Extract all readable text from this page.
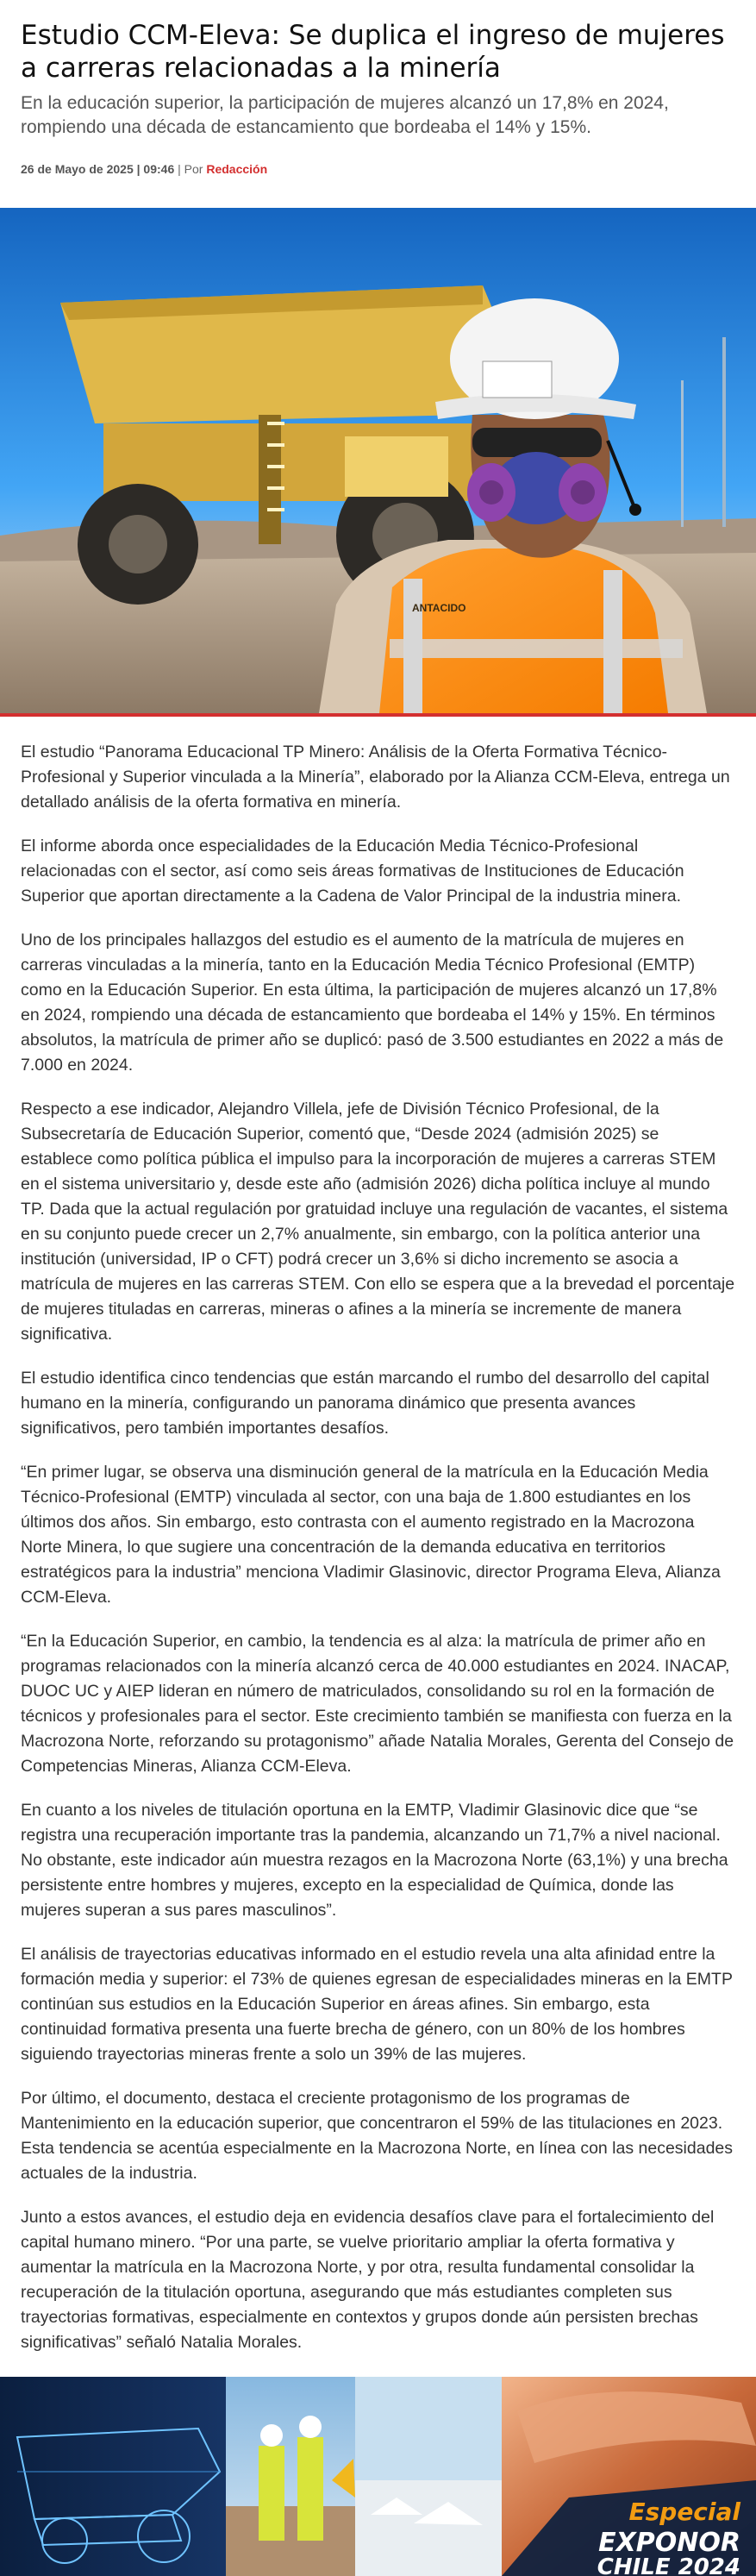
Estudio CCM-Eleva: Se duplica el ingreso de mujeres a carreras relacionadas a la minería

En la educación superior, la participación de mujeres alcanzó un 17,8% en 2024, rompiendo una década de estancamiento que bordeaba el 14% y 15%.

26 de Mayo de 2025 | 09:46 | Por Redacción
ANTACIDO

El estudio “Panorama Educacional TP Minero: Análisis de la Oferta Formativa Técnico-Profesional y Superior vinculada a la Minería”, elaborado por la Alianza CCM-Eleva, entrega un detallado análisis de la oferta formativa en minería.

El informe aborda once especialidades de la Educación Media Técnico-Profesional relacionadas con el sector, así como seis áreas formativas de Instituciones de Educación Superior que aportan directamente a la Cadena de Valor Principal de la industria minera.

Uno de los principales hallazgos del estudio es el aumento de la matrícula de mujeres en carreras vinculadas a la minería, tanto en la Educación Media Técnico Profesional (EMTP) como en la Educación Superior. En esta última, la participación de mujeres alcanzó un 17,8% en 2024, rompiendo una década de estancamiento que bordeaba el 14% y 15%. En términos absolutos, la matrícula de primer año se duplicó: pasó de 3.500 estudiantes en 2022 a más de 7.000 en 2024.

Respecto a ese indicador, Alejandro Villela, jefe de División Técnico Profesional, de la Subsecretaría de Educación Superior, comentó que, “Desde 2024 (admisión 2025) se establece como política pública el impulso para la incorporación de mujeres a carreras STEM en el sistema universitario y, desde este año (admisión 2026) dicha política incluye al mundo TP. Dada que la actual regulación por gratuidad incluye una regulación de vacantes, el sistema en su conjunto puede crecer un 2,7% anualmente, sin embargo, con la política anterior una institución (universidad, IP o CFT) podrá crecer un 3,6% si dicho incremento se asocia a matrícula de mujeres en las carreras STEM. Con ello se espera que a la brevedad el porcentaje de mujeres tituladas en carreras, mineras o afines a la minería se incremente de manera significativa.

El estudio identifica cinco tendencias que están marcando el rumbo del desarrollo del capital humano en la minería, configurando un panorama dinámico que presenta avances significativos, pero también importantes desafíos.

“En primer lugar, se observa una disminución general de la matrícula en la Educación Media Técnico-Profesional (EMTP) vinculada al sector, con una baja de 1.800 estudiantes en los últimos dos años. Sin embargo, esto contrasta con el aumento registrado en la Macrozona Norte Minera, lo que sugiere una concentración de la demanda educativa en territorios estratégicos para la industria” menciona Vladimir Glasinovic, director Programa Eleva, Alianza CCM-Eleva.

“En la Educación Superior, en cambio, la tendencia es al alza: la matrícula de primer año en programas relacionados con la minería alcanzó cerca de 40.000 estudiantes en 2024. INACAP, DUOC UC y AIEP lideran en número de matriculados, consolidando su rol en la formación de técnicos y profesionales para el sector. Este crecimiento también se manifiesta con fuerza en la Macrozona Norte, reforzando su protagonismo” añade Natalia Morales, Gerenta del Consejo de Competencias Mineras, Alianza CCM-Eleva.

En cuanto a los niveles de titulación oportuna en la EMTP, Vladimir Glasinovic dice que “se registra una recuperación importante tras la pandemia, alcanzando un 71,7% a nivel nacional. No obstante, este indicador aún muestra rezagos en la Macrozona Norte (63,1%) y una brecha persistente entre hombres y mujeres, excepto en la especialidad de Química, donde las mujeres superan a sus pares masculinos”.

El análisis de trayectorias educativas informado en el estudio revela una alta afinidad entre la formación media y superior: el 73% de quienes egresan de especialidades mineras en la EMTP continúan sus estudios en la Educación Superior en áreas afines. Sin embargo, esta continuidad formativa presenta una fuerte brecha de género, con un 80% de los hombres siguiendo trayectorias mineras frente a solo un 39% de las mujeres.

Por último, el documento, destaca el creciente protagonismo de los programas de Mantenimiento en la educación superior, que concentraron el 59% de las titulaciones en 2023. Esta tendencia se acentúa especialmente en la Macrozona Norte, en línea con las necesidades actuales de la industria.

Junto a estos avances, el estudio deja en evidencia desafíos clave para el fortalecimiento del capital humano minero. “Por una parte, se vuelve prioritario ampliar la oferta formativa y aumentar la matrícula en la Macrozona Norte, y por otra, resulta fundamental consolidar la recuperación de la titulación oportuna, asegurando que más estudiantes completen sus trayectorias formativas, especialmente en contextos y grupos donde aún persisten brechas significativas” señaló Natalia Morales.

Especial
EXPONOR
CHILE 2024
